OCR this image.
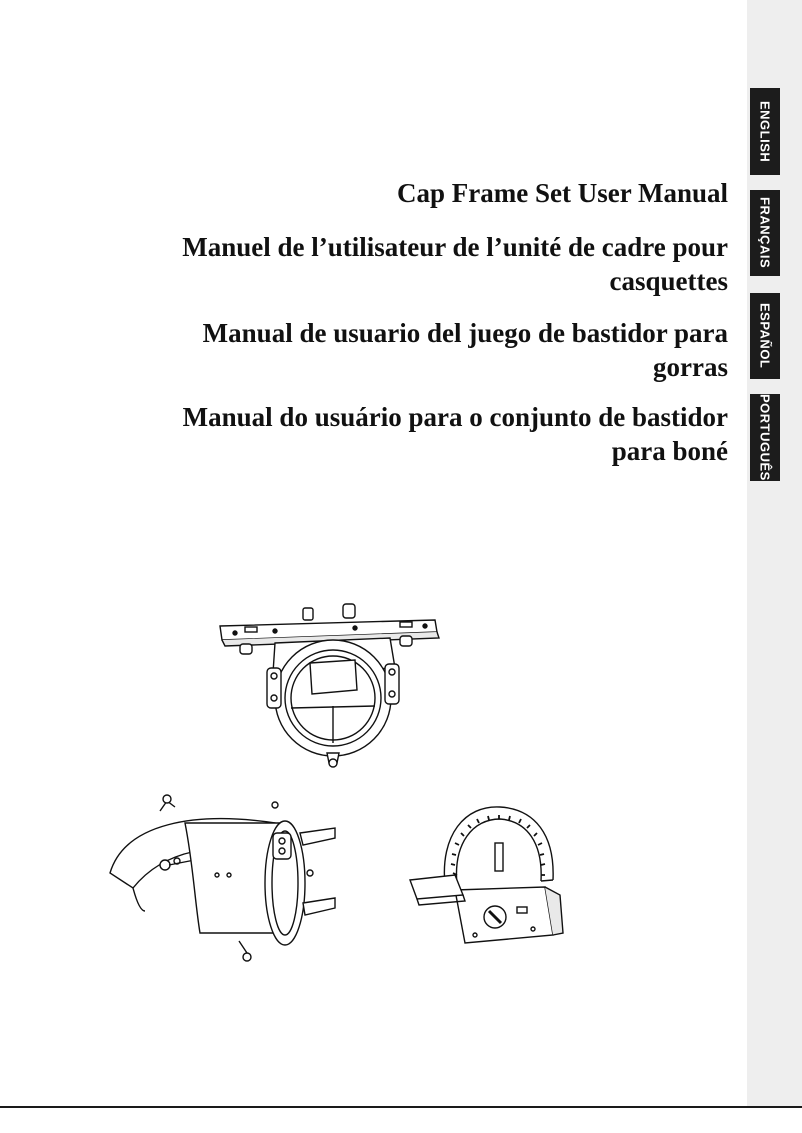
ENGLISH
FRANÇAIS
ESPAÑOL
PORTUGUÊS
Cap Frame Set User Manual
Manuel de l’utilisateur de l’unité de cadre pour
casquettes
Manual de usuario del juego de bastidor para
gorras
Manual do usuário para o conjunto de bastidor
para boné
